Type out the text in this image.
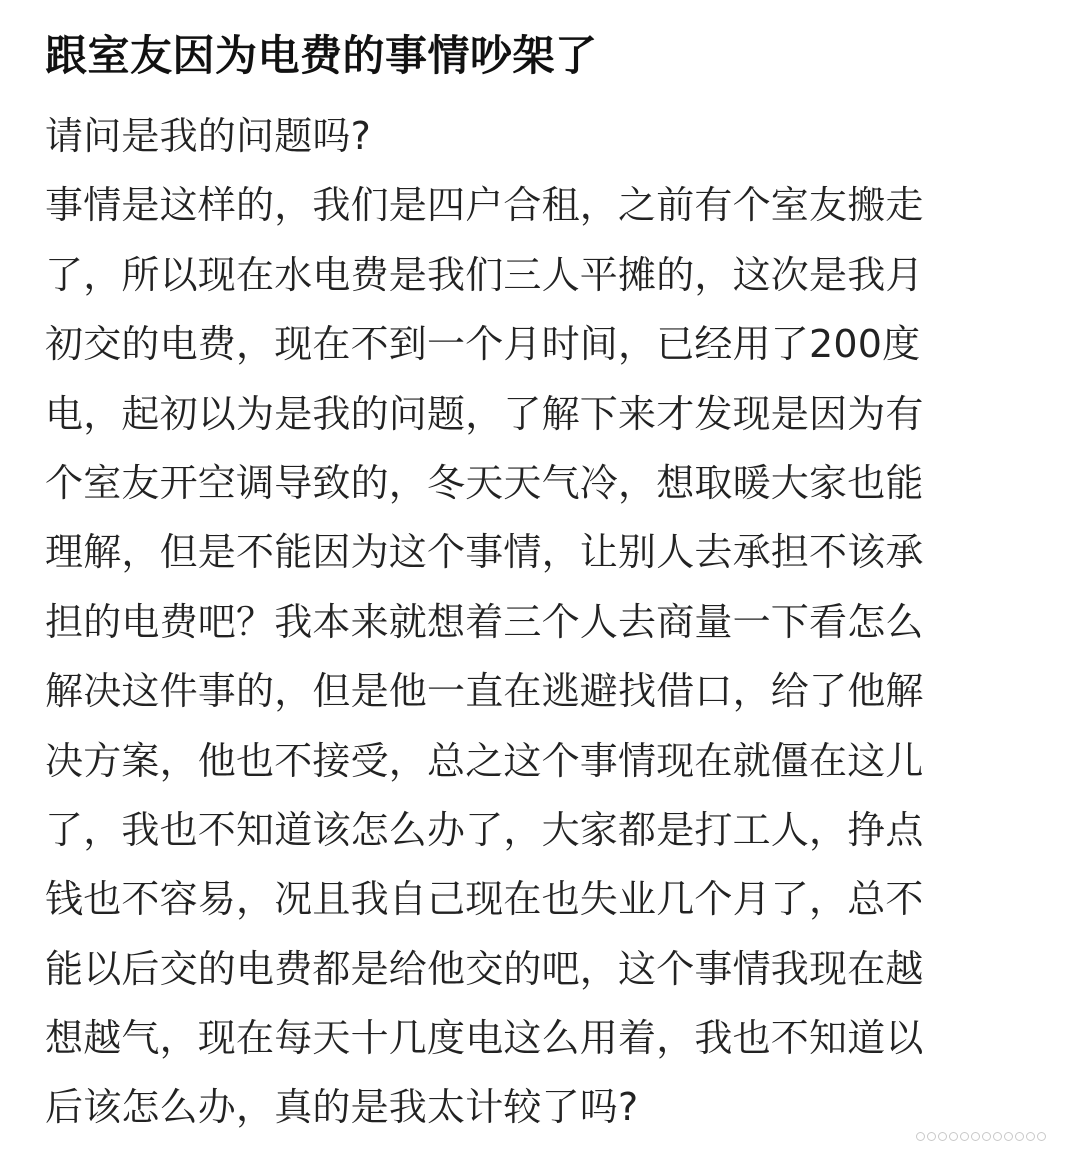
跟室友因为电费的事情吵架了
请问是我的问题吗?
事情是这样的，我们是四户合租，之前有个室友搬走
了，所以现在水电费是我们三人平摊的，这次是我月
初交的电费，现在不到一个月时间，已经用了200度
电，起初以为是我的问题，了解下来才发现是因为有
个室友开空调导致的，冬天天气冷，想取暖大家也能
理解，但是不能因为这个事情，让别人去承担不该承
担的电费吧？我本来就想着三个人去商量一下看怎么
解决这件事的，但是他一直在逃避找借口，给了他解
决方案，他也不接受，总之这个事情现在就僵在这儿
了，我也不知道该怎么办了，大家都是打工人，挣点
钱也不容易，况且我自己现在也失业几个月了，总不
能以后交的电费都是给他交的吧，这个事情我现在越
想越气，现在每天十几度电这么用着，我也不知道以
后该怎么办，真的是我太计较了吗?
